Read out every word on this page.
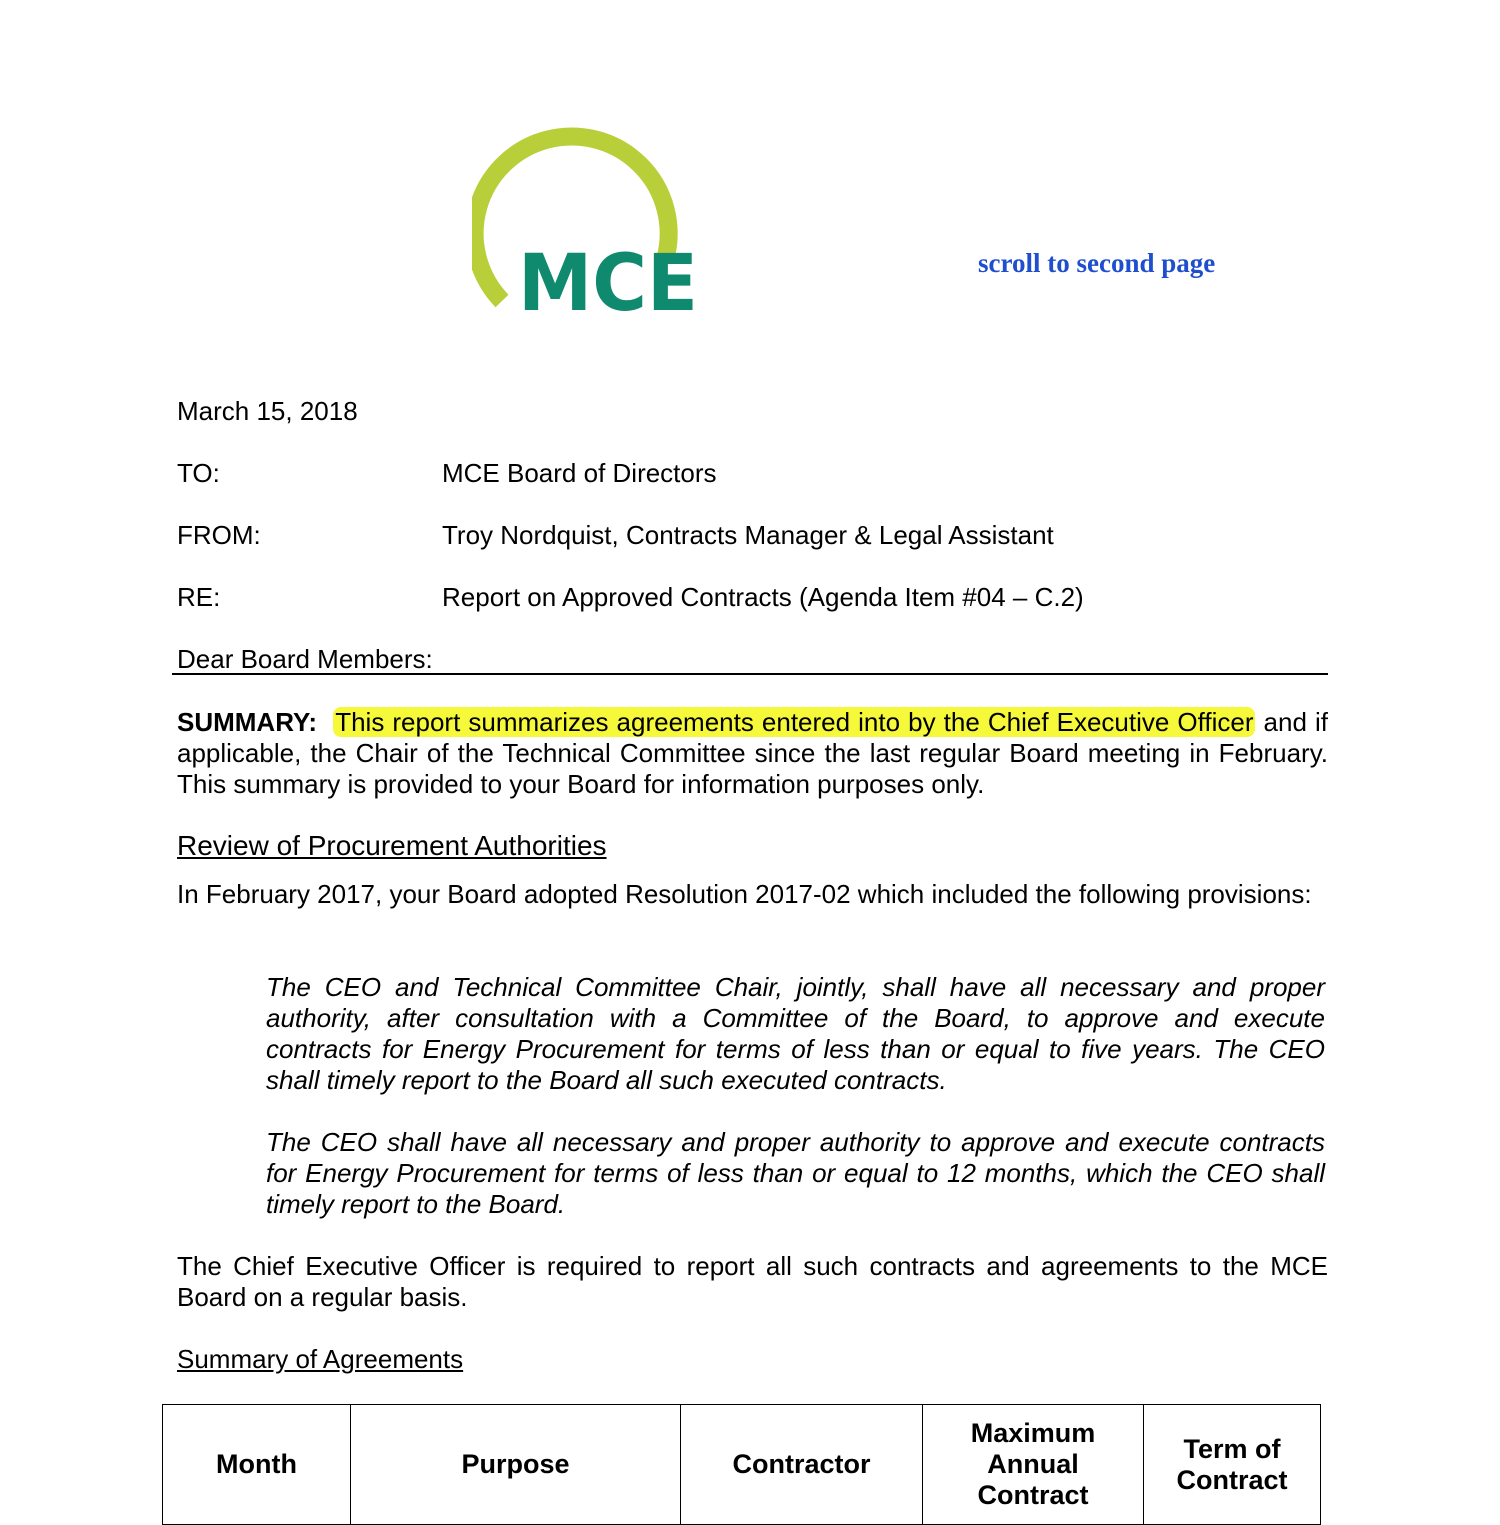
MCE	scroll to second page
March 15, 2018
TO:	MCE Board of Directors
FROM:	Troy Nordquist, Contracts Manager & Legal Assistant
RE:	Report on Approved Contracts (Agenda Item #04 – C.2)
Dear Board Members:

SUMMARY: This report summarizes agreements entered into by the Chief Executive Officer and if applicable, the Chair of the Technical Committee since the last regular Board meeting in February. This summary is provided to your Board for information purposes only.

Review of Procurement Authorities

In February 2017, your Board adopted Resolution 2017-02 which included the following provisions:

The CEO and Technical Committee Chair, jointly, shall have all necessary and proper authority, after consultation with a Committee of the Board, to approve and execute contracts for Energy Procurement for terms of less than or equal to five years. The CEO shall timely report to the Board all such executed contracts.

The CEO shall have all necessary and proper authority to approve and execute contracts for Energy Procurement for terms of less than or equal to 12 months, which the CEO shall timely report to the Board.

The Chief Executive Officer is required to report all such contracts and agreements to the MCE Board on a regular basis.

Summary of Agreements
Month	Purpose	Contractor	Maximum Annual Contract	Term of Contract
